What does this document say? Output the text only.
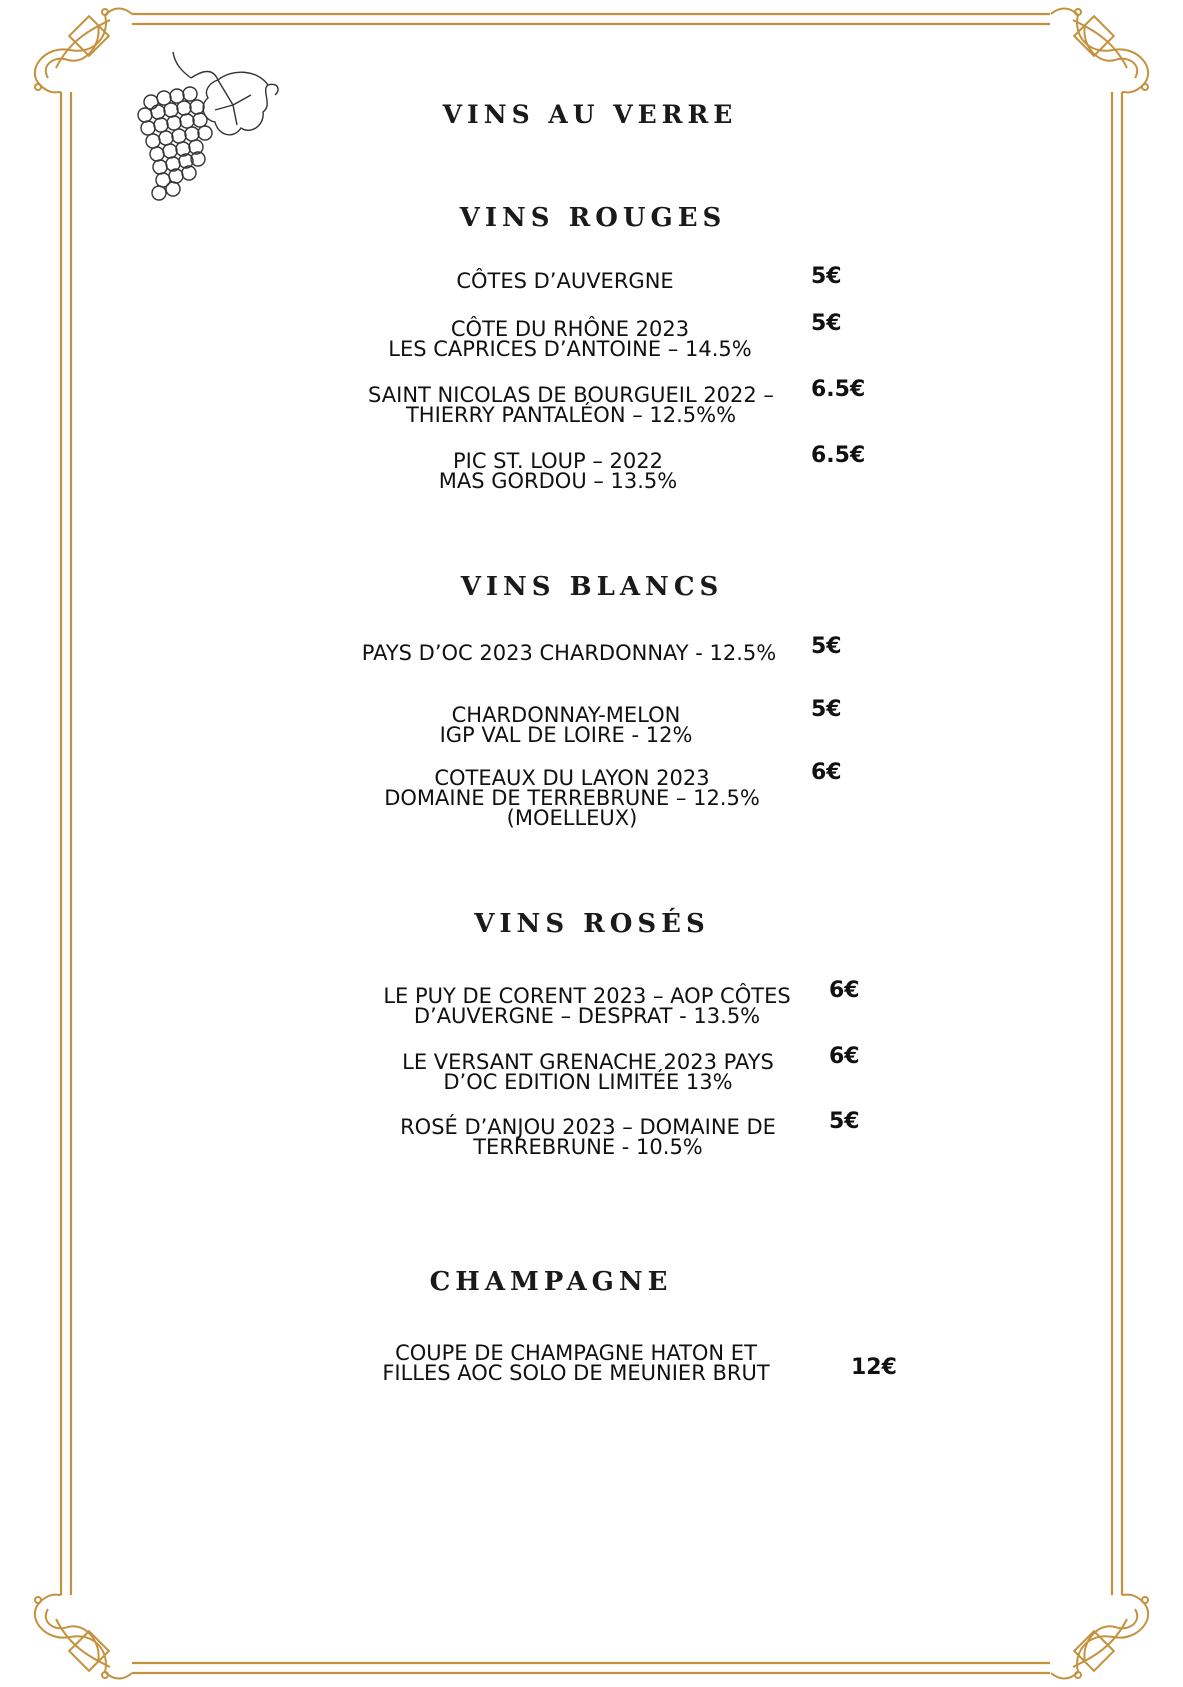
VINS AU VERRE
VINS ROUGES
CÔTES D’AUVERGNE	5€
CÔTE DU RHÔNE 2023
LES CAPRICES D’ANTOINE – 14.5%
5€
SAINT NICOLAS DE BOURGUEIL 2022 –
THIERRY PANTALÉON – 12.5%%
6.5€
PIC ST. LOUP – 2022
MAS GORDOU – 13.5%
6.5€
VINS BLANCS
PAYS D’OC 2023 CHARDONNAY - 12.5% 5€
CHARDONNAY-MELON
IGP VAL DE LOIRE - 12%
5€
COTEAUX DU LAYON 2023
DOMAINE DE TERREBRUNE – 12.5%
(MOELLEUX)
6€
VINS ROSÉS
LE PUY DE CORENT 2023 – AOP CÔTES
D’AUVERGNE – DESPRAT - 13.5%
6€
LE VERSANT GRENACHE 2023 PAYS
D’OC EDITION LIMITÉE 13%
6€
ROSÉ D’ANJOU 2023 – DOMAINE DE
TERREBRUNE - 10.5%
5€
CHAMPAGNE
COUPE DE CHAMPAGNE HATON ET
FILLES AOC SOLO DE MEUNIER BRUT	12€
